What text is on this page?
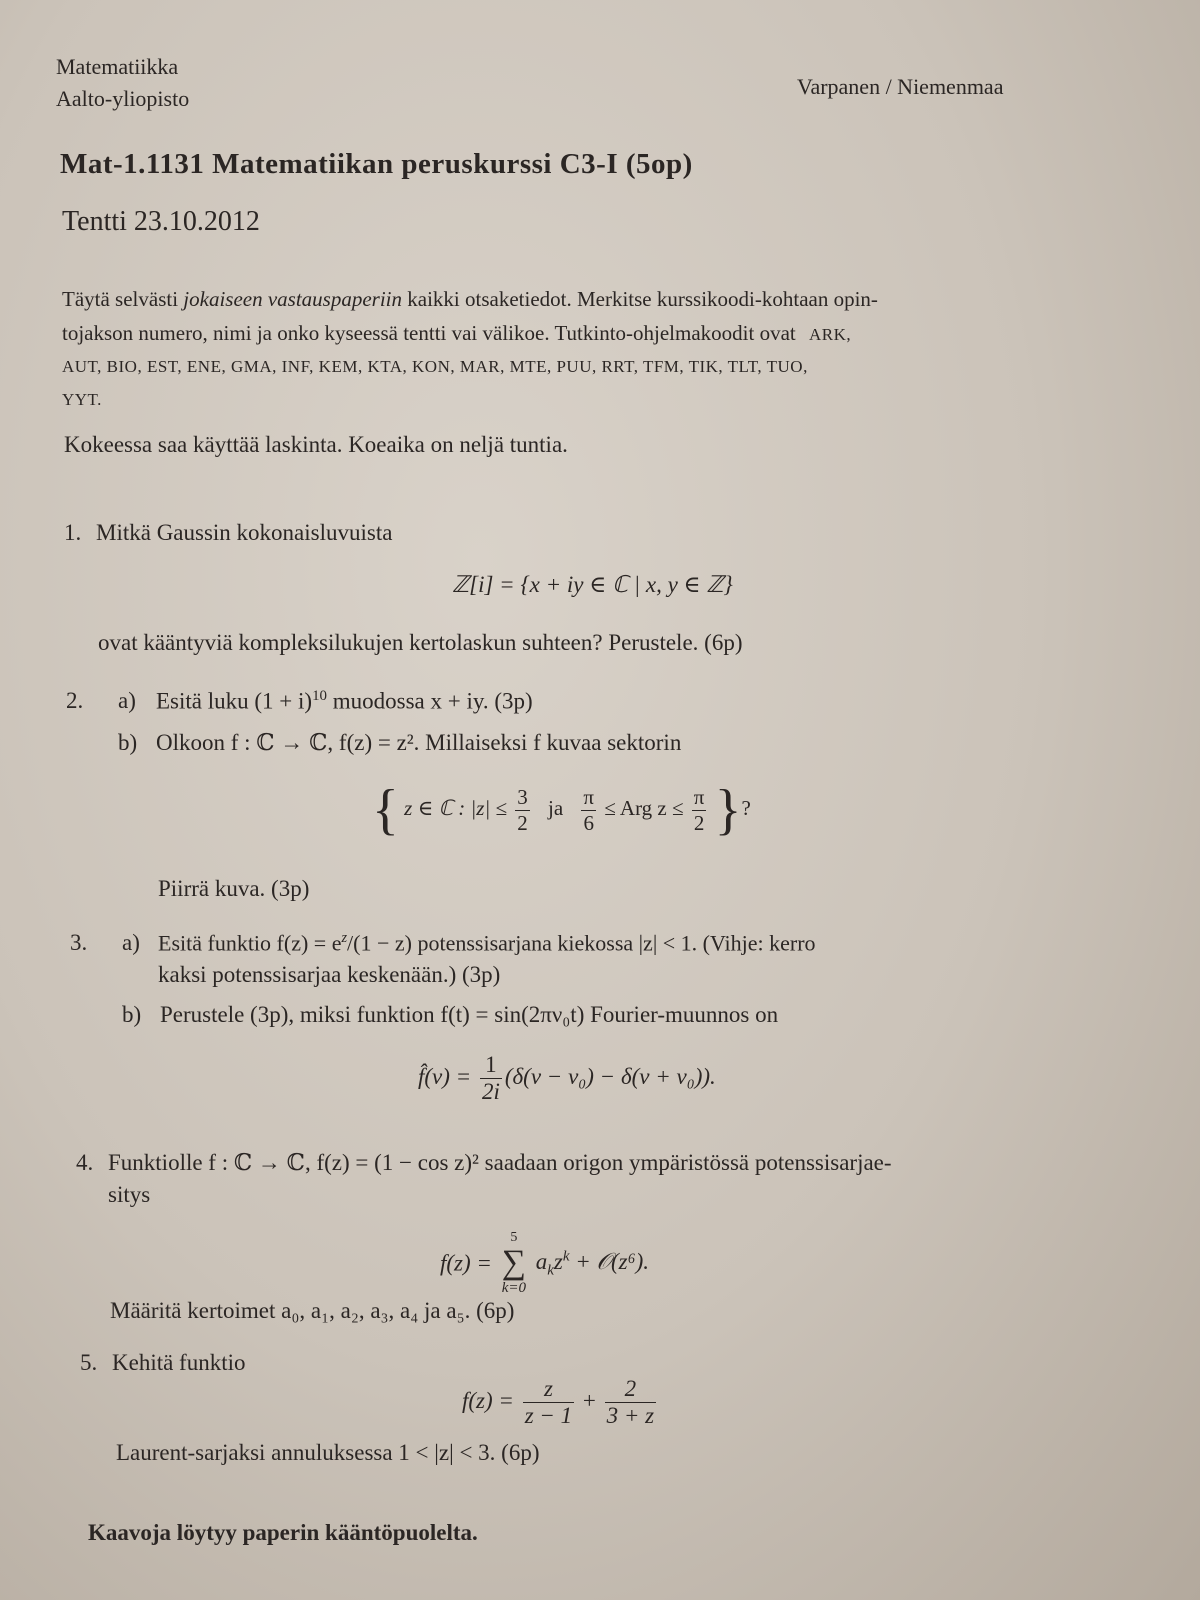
Matematiikka
Aalto-yliopisto	Varpanen / Niemenmaa
Mat-1.1131 Matematiikan peruskurssi C3-I (5op)
Tentti 23.10.2012
Täytä selvästi jokaiseen vastauspaperiin kaikki otsaketiedot. Merkitse kurssikoodi-kohtaan opin-
tojakson numero, nimi ja onko kyseessä tentti vai välikoe. Tutkinto-ohjelmakoodit ovat ARK,
AUT, BIO, EST, ENE, GMA, INF, KEM, KTA, KON, MAR, MTE, PUU, RRT, TFM, TIK, TLT, TUO,
YYT.
Kokeessa saa käyttää laskinta. Koeaika on neljä tuntia.
1. Mitkä Gaussin kokonaisluvuista
ℤ[i] = {x + iy ∈ ℂ | x, y ∈ ℤ}
ovat kääntyviä kompleksilukujen kertolaskun suhteen? Perustele. (6p)
2. a) Esitä luku $(1 + i)^{10}$ muodossa x + iy. (3p)
b) Olkoon f : ℂ → ℂ, f(z) = z². Millaiseksi f kuvaa sektorin
{ z ∈ ℂ : $|z| \le \frac{3}{2}$ ja $\frac{\pi}{6}$ ≤ Arg $z \le \frac{\pi}{2}$ }?
Piirrä kuva. (3p)
3. a) Esitä funktio $f(z) = e^z/(1 - z)$ potenssisarjana kiekossa |z| < 1. (Vihje: kerro
kaksi potenssisarjaa keskenään.) (3p)
b) Perustele (3p), miksi funktion f(t) = sin(2πν₀t) Fourier-muunnos on
f̂(ν) = $\frac{1}{2i} (\delta(\nu - \nu_0) - \delta(\nu + \nu_0))$.
4. Funktiolle f : ℂ → ℂ, f(z) = (1 − cos z)² saadaan origon ympäristössä potenssisarjae-
sitys
f(z) =
5
∑
k=0
$a_kz^k$ + 𝒪(z⁶).
Määritä kertoimet a₀, a₁, a₂, a₃, a₄ ja a₅. (6p)
5. Kehitä funktio
$f(z) = \frac{z}{z - 1} + \frac{2}{3 + z}$
Laurent-sarjaksi annuluksessa 1 < |z| < 3. (6p)
Kaavoja löytyy paperin kääntöpuolelta.
